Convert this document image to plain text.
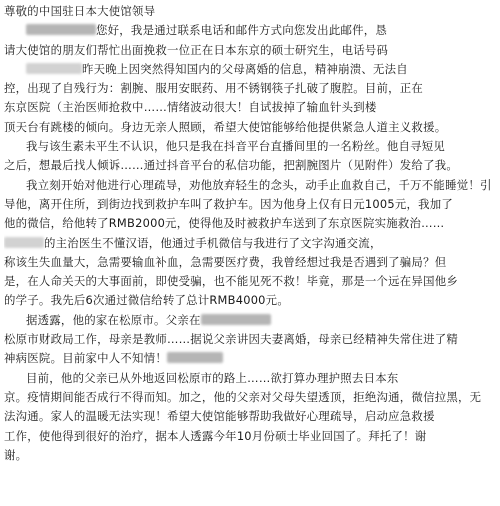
尊敬的中国驻日本大使馆领导
您好，我是通过联系电话和邮件方式向您发出此邮件，恳
请大使馆的朋友们帮忙出面挽救一位正在日本东京的硕士研究生，电话号码
昨天晚上因突然得知国内的父母离婚的信息，精神崩溃、无法自
控，出现了自残行为：割腕、服用安眠药、用不锈钢筷子扎破了腹腔。目前，正在
东京医院（主治医师抢救中……情绪波动很大！自试拔掉了输血针头到楼
顶天台有跳楼的倾向。身边无亲人照顾，希望大使馆能够给他提供紧急人道主义救援。
我与该生素未平生不认识，他只是我在抖音平台直播间里的一名粉丝。他自寻短见
之后，想最后找人倾诉……通过抖音平台的私信功能，把割腕图片（见附件）发给了我。
我立刻开始对他进行心理疏导，劝他放弃轻生的念头，动手止血救自己，千万不能睡觉！引
导他，离开住所，到街边找到救护车叫了救护车。因为他身上仅有日元1005元，我加了
他的微信，给他转了RMB2000元，使得他及时被救护车送到了东京医院实施救治……
的主治医生不懂汉语，他通过手机微信与我进行了文字沟通交流，
称该生失血量大，急需要输血补血，急需要医疗费，我曾经想过我是否遇到了骗局？但
是，在人命关天的大事面前，即使受骗，也不能见死不救！毕竟，那是一个远在异国他乡
的学子。我先后6次通过微信给转了总计RMB4000元。
据透露，他的家在松原市。父亲在
松原市财政局工作，母亲是教师……据说父亲讲因夫妻离婚，母亲已经精神失常住进了精
神病医院。目前家中人不知情！
目前，他的父亲已从外地返回松原市的路上……欲打算办理护照去日本东
京。疫情期间能否成行不得而知。加之，他的父亲对父母失望透顶，拒绝沟通，微信拉黑，无
法沟通。家人的温暖无法实现！希望大使馆能够帮助我做好心理疏导，启动应急救援
工作，使他得到很好的治疗，据本人透露今年10月份硕士毕业回国了。拜托了！谢
谢。
